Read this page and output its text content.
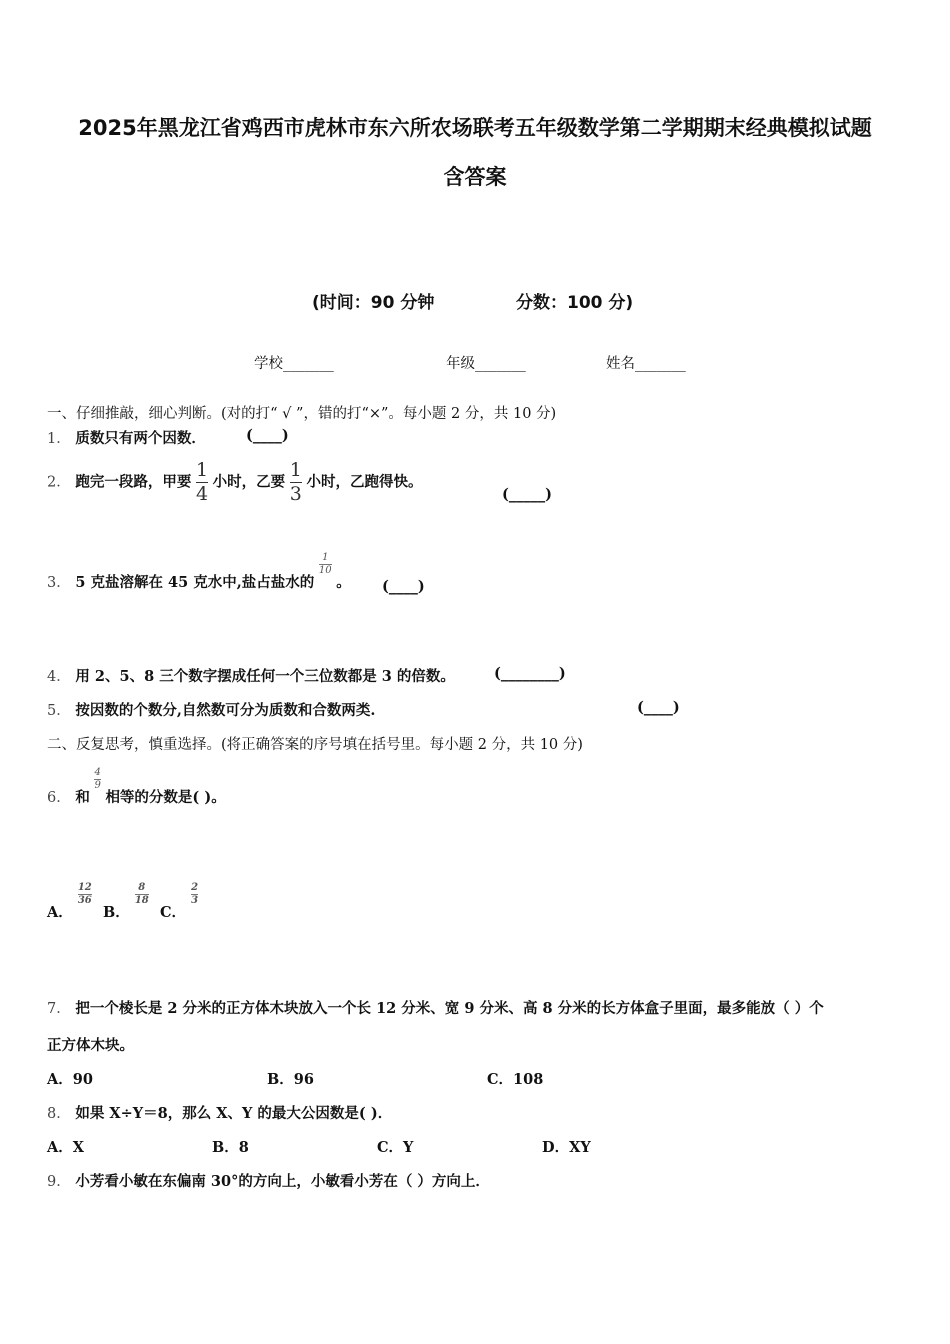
2025年黑龙江省鸡西市虎林市东六所农场联考五年级数学第二学期期末经典模拟试题
含答案
(时间：90 分钟	分数：100 分)
学校_______	年级_______	姓名_______
一、仔细推敲，细心判断。(对的打“ √ ”，错的打“×”。每小题 2 分，共 10 分)
1． 质数只有两个因数．	(____)
2． 跑完一段路，甲要 $\frac{1}{4}$ 小时，乙要 $\frac{1}{3}$ 小时，乙跑得快。
(_____)
3． 5 克盐溶解在 45 克水中,盐占盐水的
$\frac{1}{10}$
。 (____)
4． 用 2、5、8 三个数字摆成任何一个三位数都是 3 的倍数。	(________)
5． 按因数的个数分,自然数可分为质数和合数两类.	(____)
二、反复思考，慎重选择。(将正确答案的序号填在括号里。每小题 2 分，共 10 分)
6． 和
$\frac{4}{9}$
相等的分数是( )。
A．
$\frac{12}{36}$
B．
$\frac{8}{18}$
C．
$\frac{2}{3}$
7． 把一个棱长是 2 分米的正方体木块放入一个长 12 分米、宽 9 分米、高 8 分米的长方体盒子里面，最多能放（ ）个
正方体木块。
A．90	B．96	C．108
8． 如果 X÷Y＝8，那么 X、Y 的最大公因数是( )．
A．X	B．8	C．Y	D．XY
9． 小芳看小敏在东偏南 30°的方向上，小敏看小芳在（ ）方向上．
